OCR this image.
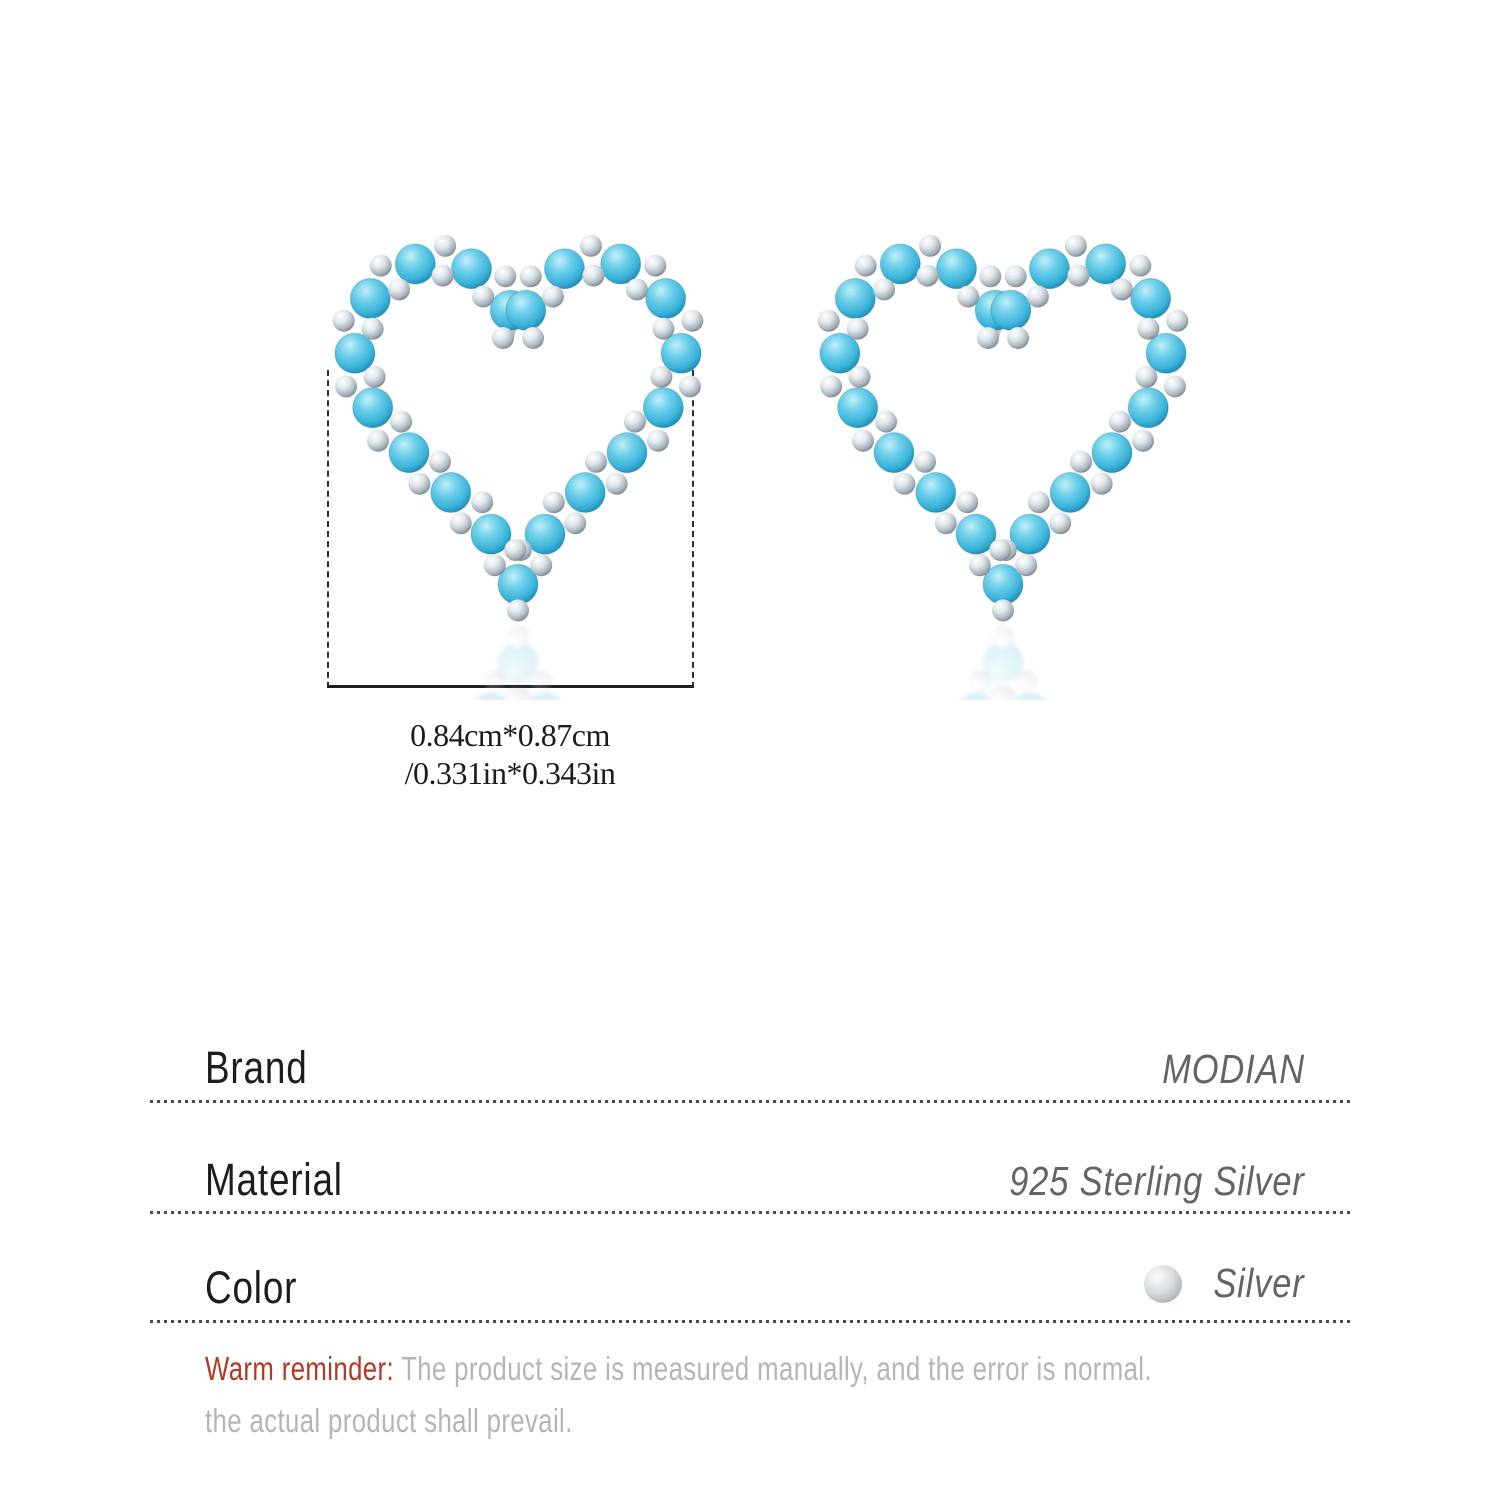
0.84cm*0.87cm
/0.331in*0.343in
Brand	MODIAN
Material	925 Sterling Silver
Color	Silver
Warm reminder: The product size is measured manually, and the error is normal.
the actual product shall prevail.
